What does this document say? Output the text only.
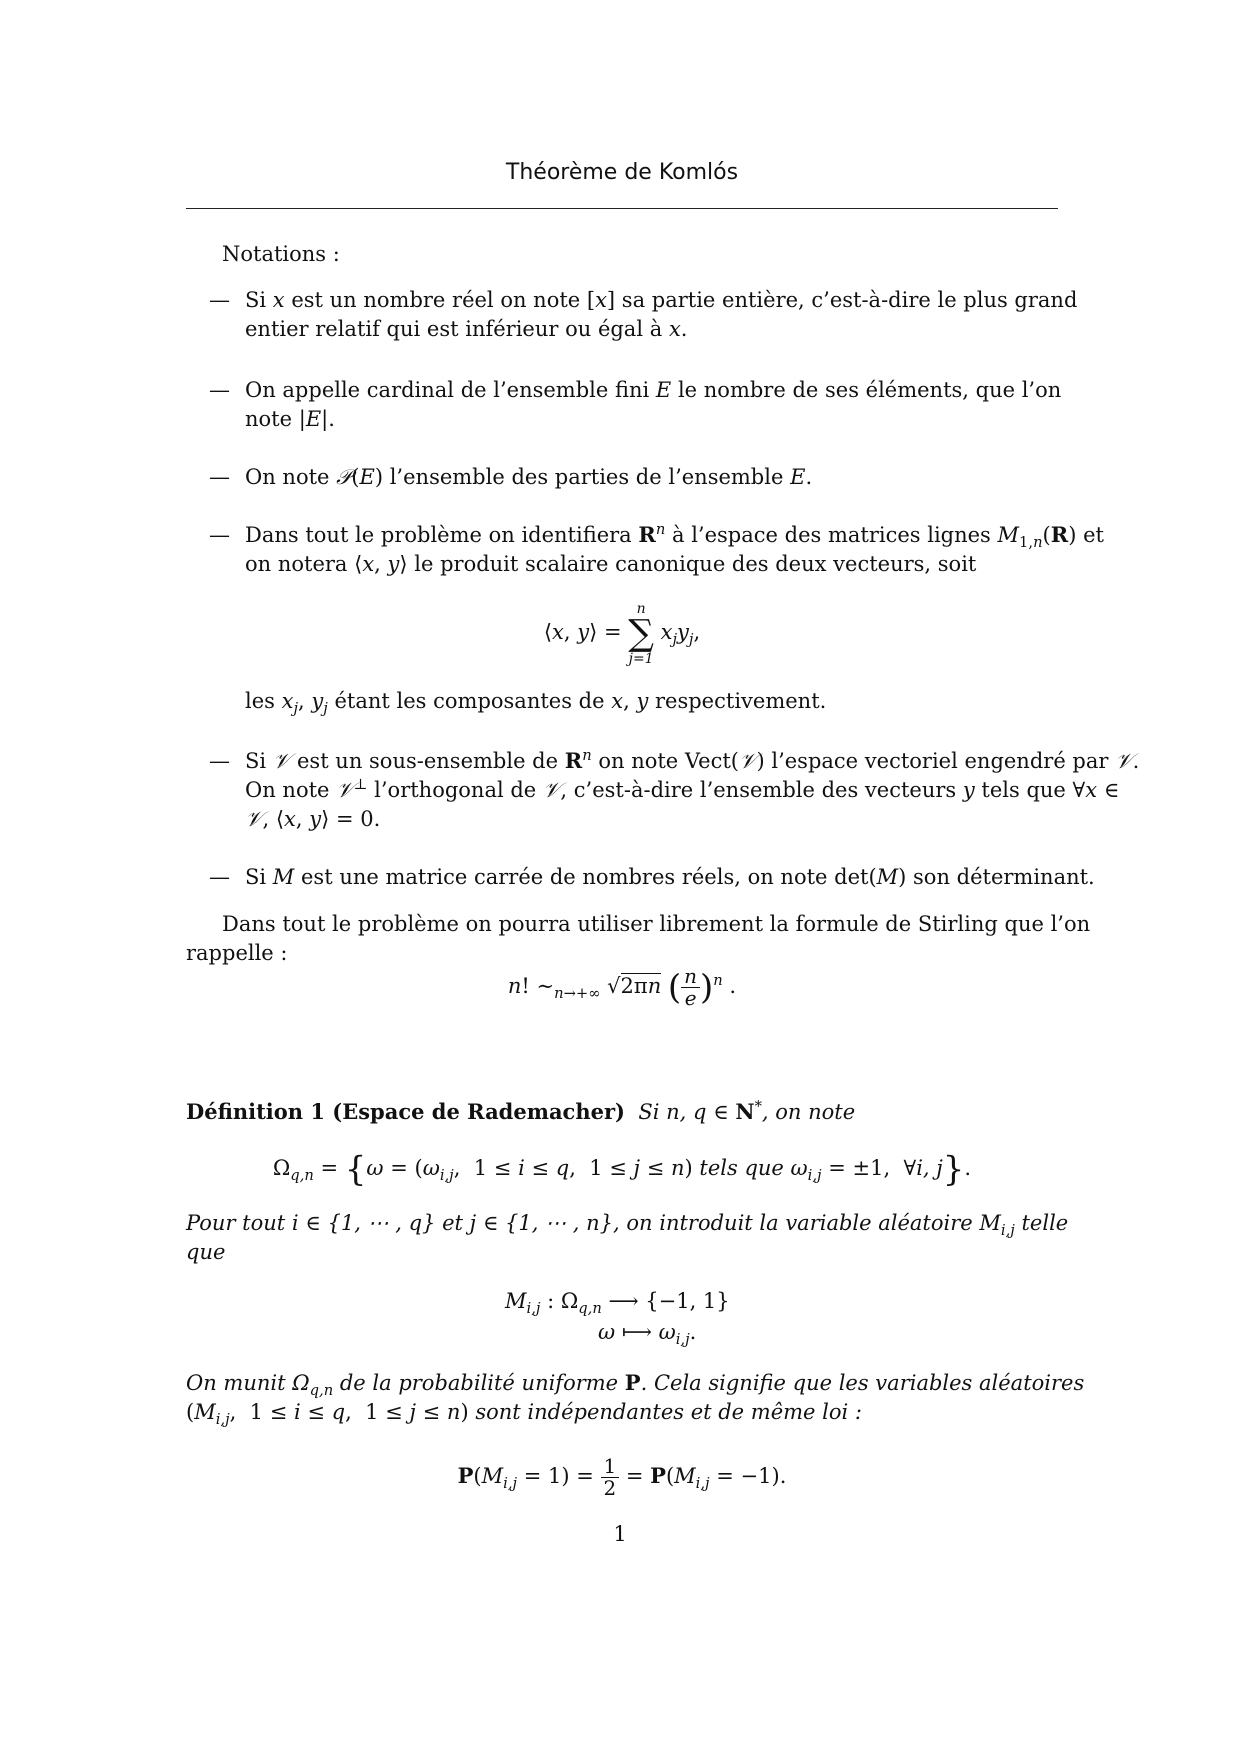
Théorème de Komlós
Notations :
— Si x est un nombre réel on note [x] sa partie entière, c’est-à-dire le plus grand
entier relatif qui est inférieur ou égal à x.
— On appelle cardinal de l’ensemble fini E le nombre de ses éléments, que l’on
note |E|.
— On note 𝒫(E) l’ensemble des parties de l’ensemble E.
— Dans tout le problème on identifiera $R^n$ à l’espace des matrices lignes $M_{1,n}(R)$ et
on notera ⟨x, y⟩ le produit scalaire canonique des deux vecteurs, soit
⟨x, y⟩ =
n
∑
j=1
$x_jy_j$,
les $x_j$, $y_j$ étant les composantes de x, y respectivement.
— Si 𝒱 est un sous-ensemble de $R^n$ on note Vect(𝒱) l’espace vectoriel engendré par 𝒱.
On note 𝒱⊥ l’orthogonal de 𝒱, c’est-à-dire l’ensemble des vecteurs y tels que ∀x ∈
𝒱, ⟨x, y⟩ = 0.
— Si M est une matrice carrée de nombres réels, on note det(M) son déterminant.
Dans tout le problème on pourra utiliser librement la formule de Stirling que l’on
rappelle :
n! $\sim_{n\to+\infty}$ √2πn ( $\frac{n}{e} )^n$ .
Définition 1 (Espace de Rademacher) Si n, q ∈ N*, on note
$\Omega_{q,n} = \{\omega = (\omega_{i,j}$,  1 ≤ i ≤ q,  1 ≤ j ≤ n) tels que $\omega_{i,j} = \pm 1$,  ∀i, j}.
Pour tout i ∈ {1, ⋯ , q} et j ∈ {1, ⋯ , n}, on introduit la variable aléatoire $M_{i,j}$ telle
que
$M_{i,j}$ : $\Omega_{q,n}$ ⟶ {−1, 1}
ω ⟼ $\omega_{i,j}$.
On munit $\Omega_{q,n}$ de la probabilité uniforme P. Cela signifie que les variables aléatoires
($M_{i,j}$,  1 ≤ i ≤ q,  1 ≤ j ≤ n) sont indépendantes et de même loi :
$P(M_{i,j} = 1) = \frac{1}{2} = P(M_{i,j} = -1)$.
1
